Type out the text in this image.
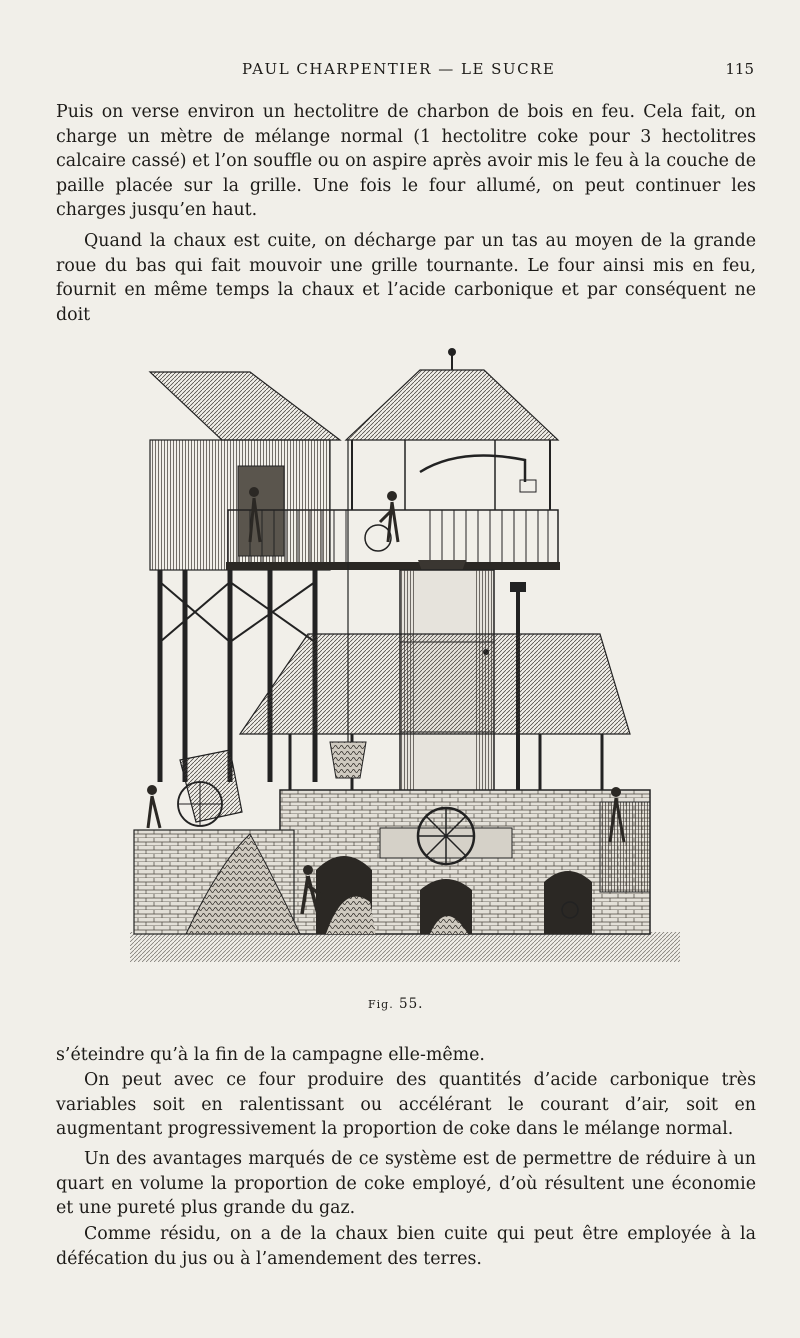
PAUL CHARPENTIER — LE SUCRE	115

Puis on verse environ un hectolitre de charbon de bois en feu. Cela fait, on charge un mètre de mélange normal (1 hectolitre coke pour 3 hectolitres calcaire cassé) et l’on souffle ou on aspire après avoir mis le feu à la couche de paille placée sur la grille. Une fois le four allumé, on peut continuer les charges jusqu’en haut.

Quand la chaux est cuite, on décharge par un tas au moyen de la grande roue du bas qui fait mouvoir une grille tournante. Le four ainsi mis en feu, fournit en même temps la chaux et l’acide carbonique et par conséquent ne doit

Fig. 55.

s’éteindre qu’à la fin de la campagne elle-même.

On peut avec ce four produire des quantités d’acide carbonique très variables soit en ralentissant ou accélérant le courant d’air, soit en augmentant progressivement la proportion de coke dans le mélange normal.

Un des avantages marqués de ce système est de permettre de réduire à un quart en volume la proportion de coke employé, d’où résultent une économie et une pureté plus grande du gaz.

Comme résidu, on a de la chaux bien cuite qui peut être employée à la défécation du jus ou à l’amendement des terres.
